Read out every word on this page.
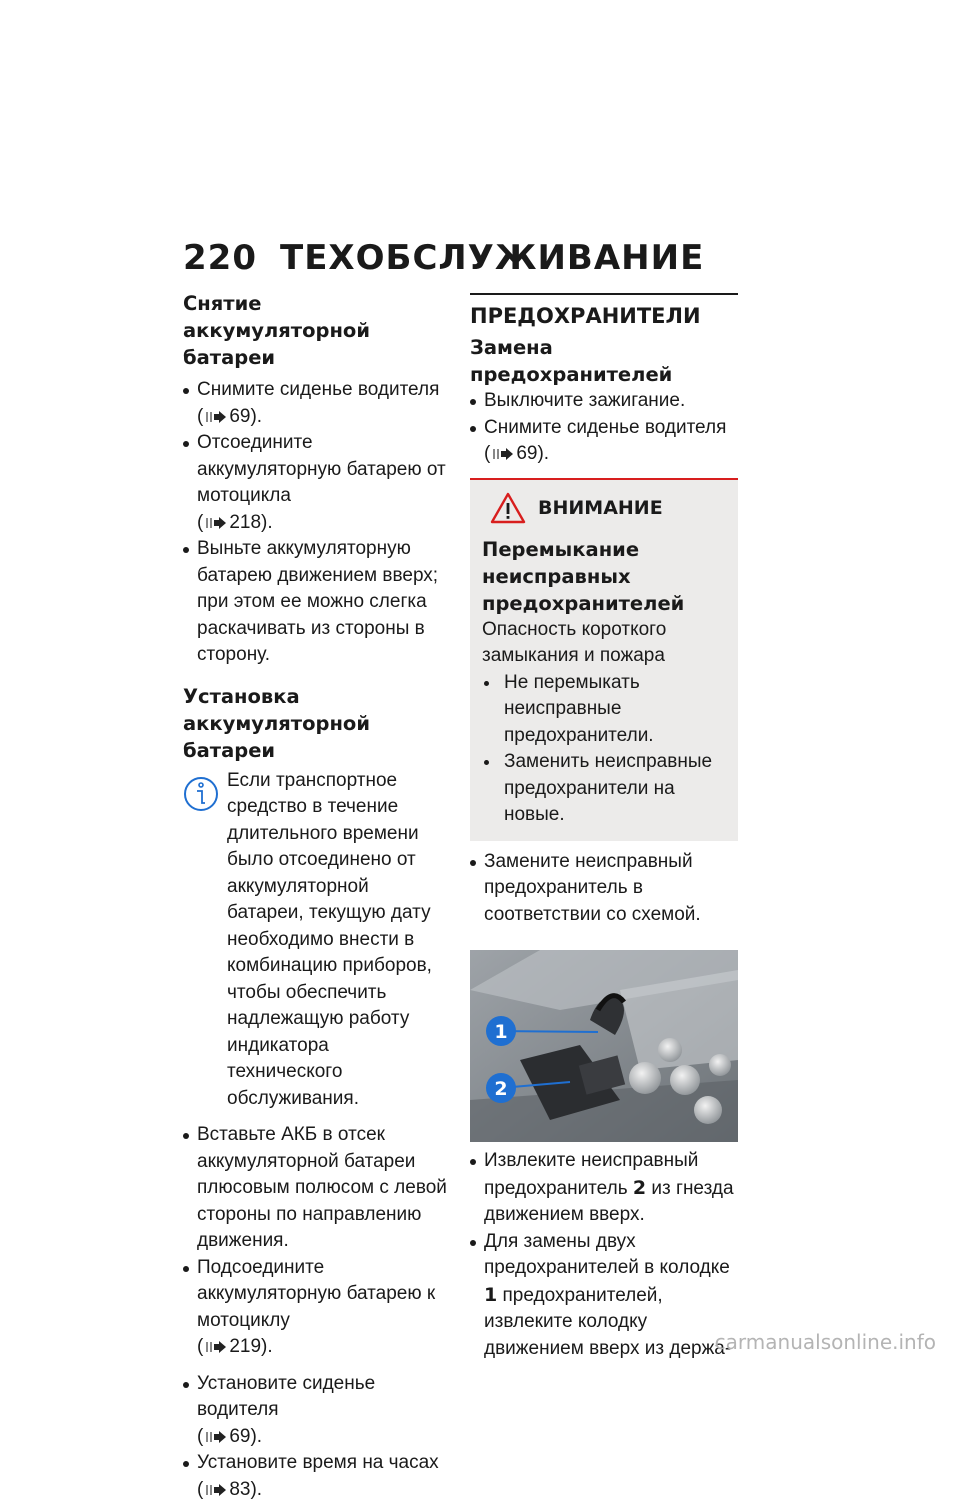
220 ТЕХОБСЛУЖИВАНИЕ
Снятие аккумуляторной батареи
Снимите сиденье водителя
( 69).
Отсоедините аккумуляторную батарею от мотоцикла
( 218).
Выньте аккумуляторную батарею движением вверх; при этом ее можно слегка раскачивать из стороны в сторону.
Установка аккумуляторной батареи

Если транспортное средство в течение длительного времени было отсоединено от аккумуляторной батареи, текущую дату необходимо внести в комбинацию приборов, чтобы обеспечить надлежащую работу индикатора технического обслуживания.

Вставьте АКБ в отсек аккумуляторной батареи плюсовым полюсом с левой стороны по направлению движения.
Подсоедините аккумуляторную батарею к мотоциклу
( 219).
Установите сиденье водителя
( 69).
Установите время на часах
( 83).
ПРЕДОХРАНИТЕЛИ
Замена предохранителей
Выключите зажигание.
Снимите сиденье водителя
( 69).
ВНИМАНИЕ
Перемыкание неисправных предохранителей

Опасность короткого замыкания и пожара

Не перемыкать неисправные предохранители.
Заменить неисправные предохранители на новые.
Замените неисправный предохранитель в соответствии со схемой.
1
2
Извлеките неисправный предохранитель 2 из гнезда движением вверх.
Для замены двух предохранителей в колодке 1 предохранителей, извлеките колодку движением вверх из держа-
carmanualsonline.info
